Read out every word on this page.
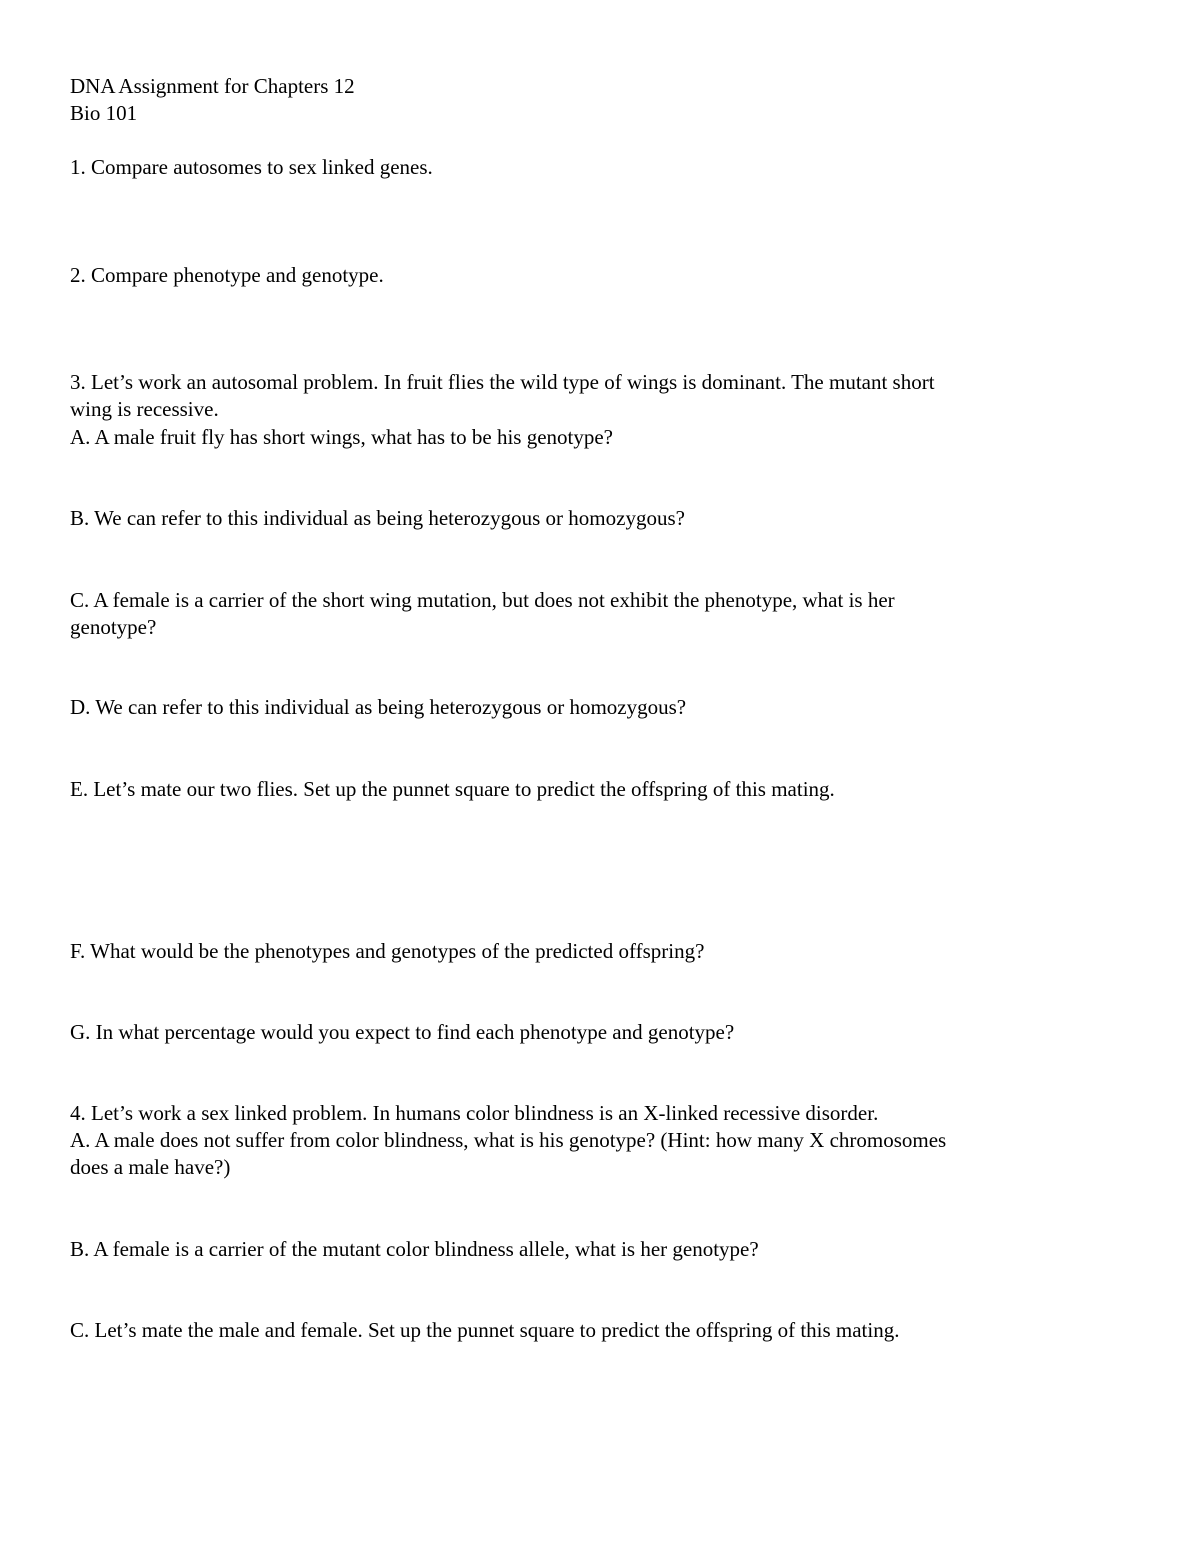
DNA Assignment for Chapters 12
Bio 101
1. Compare autosomes to sex linked genes.
2. Compare phenotype and genotype.
3. Let’s work an autosomal problem. In fruit flies the wild type of wings is dominant. The mutant short
wing is recessive.
A. A male fruit fly has short wings, what has to be his genotype?
B. We can refer to this individual as being heterozygous or homozygous?
C. A female is a carrier of the short wing mutation, but does not exhibit the phenotype, what is her
genotype?
D. We can refer to this individual as being heterozygous or homozygous?
E. Let’s mate our two flies. Set up the punnet square to predict the offspring of this mating.
F. What would be the phenotypes and genotypes of the predicted offspring?
G. In what percentage would you expect to find each phenotype and genotype?
4. Let’s work a sex linked problem. In humans color blindness is an X-linked recessive disorder.
A. A male does not suffer from color blindness, what is his genotype? (Hint: how many X chromosomes
does a male have?)
B. A female is a carrier of the mutant color blindness allele, what is her genotype?
C. Let’s mate the male and female. Set up the punnet square to predict the offspring of this mating.
